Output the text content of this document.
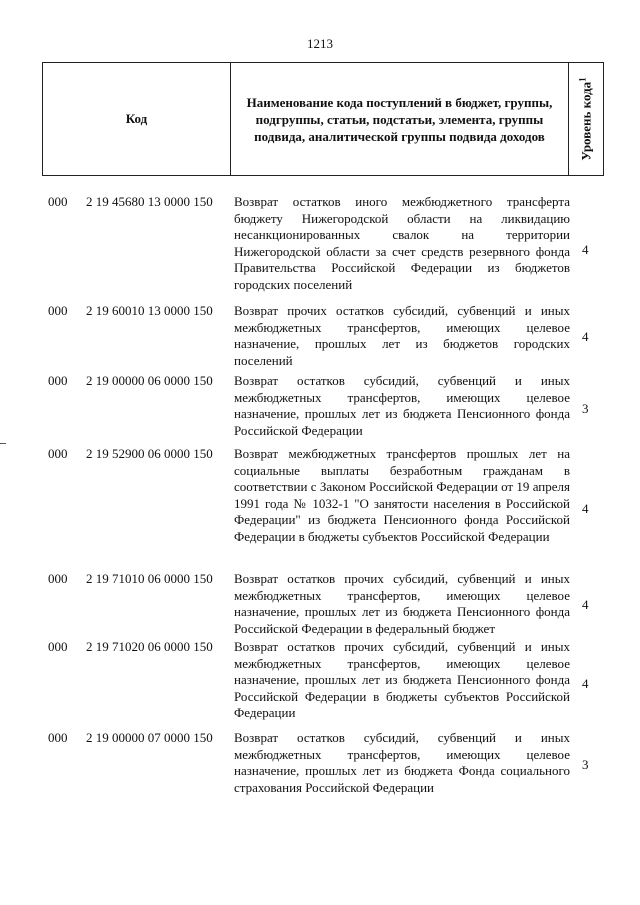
1213
Код
Наименование кода поступлений в бюджет, группы, подгруппы, статьи, подстатьи, элемента, группы подвида, аналитической группы подвида доходов	Уровень кода$^1$
000 2 19 45680 13 0000 150 Возврат остатков иного межбюджетного трансферта бюджету Нижегородской области на ликвидацию несанкционированных свалок на территории Нижегородской области за счет средств резервного фонда Правительства Российской Федерации из бюджетов городских поселений
4
000 2 19 60010 13 0000 150 Возврат прочих остатков субсидий, субвенций и иных межбюджетных трансфертов, имеющих целевое назначение, прошлых лет из бюджетов городских поселений
4
000 2 19 00000 06 0000 150 Возврат остатков субсидий, субвенций и иных межбюджетных трансфертов, имеющих целевое назначение, прошлых лет из бюджета Пенсионного фонда Российской Федерации
3
000 2 19 52900 06 0000 150 Возврат межбюджетных трансфертов прошлых лет на социальные выплаты безработным гражданам в соответствии с Законом Российской Федерации от 19 апреля 1991 года № 1032-1 "О занятости населения в Российской Федерации" из бюджета Пенсионного фонда Российской Федерации в бюджеты субъектов Российской Федерации
4
000 2 19 71010 06 0000 150 Возврат остатков прочих субсидий, субвенций и иных межбюджетных трансфертов, имеющих целевое назначение, прошлых лет из бюджета Пенсионного фонда Российской Федерации в федеральный бюджет
4
000 2 19 71020 06 0000 150 Возврат остатков прочих субсидий, субвенций и иных межбюджетных трансфертов, имеющих целевое назначение, прошлых лет из бюджета Пенсионного фонда Российской Федерации в бюджеты субъектов Российской Федерации
4
000 2 19 00000 07 0000 150 Возврат остатков субсидий, субвенций и иных межбюджетных трансфертов, имеющих целевое назначение, прошлых лет из бюджета Фонда социального страхования Российской Федерации
3
